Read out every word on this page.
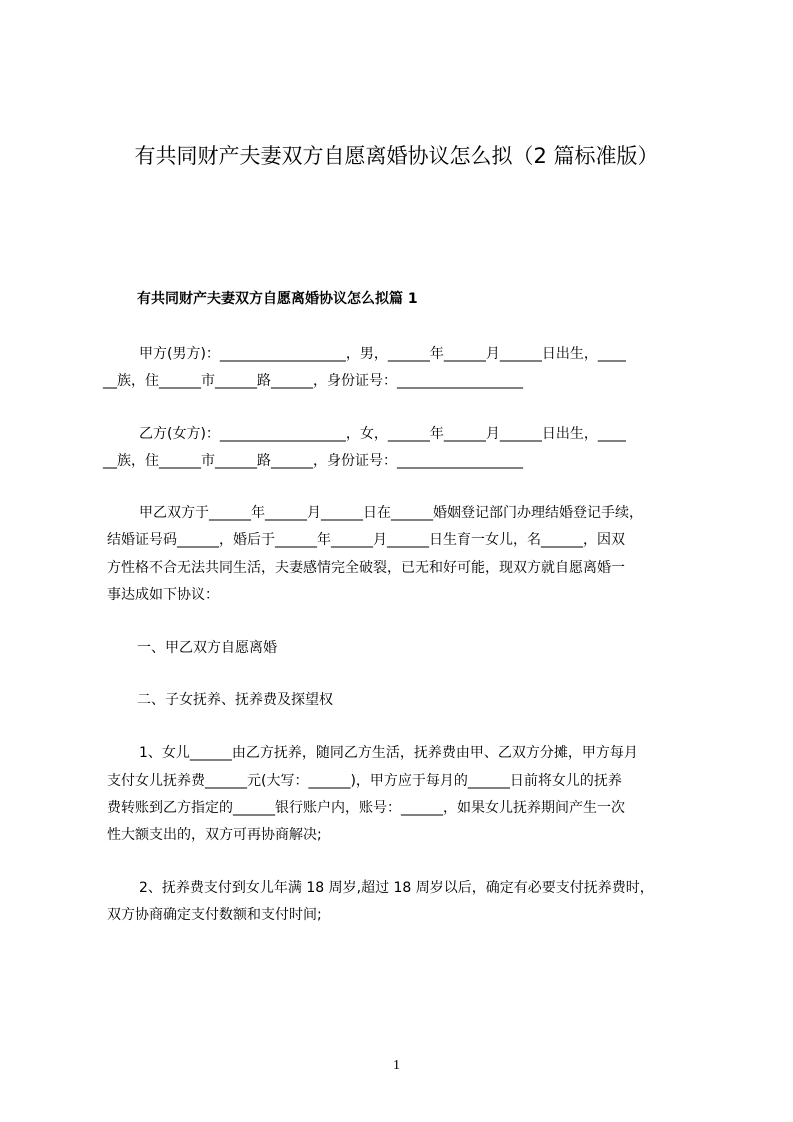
有共同财产夫妻双方自愿离婚协议怎么拟（2 篇标准版）
有共同财产夫妻双方自愿离婚协议怎么拟篇 1
甲方(男方)：__________________，男，______年______月______日出生，____
__族，住______市______路______，身份证号：__________________
乙方(女方)：__________________，女，______年______月______日出生，____
__族，住______市______路______，身份证号：__________________
甲乙双方于______年______月______日在______婚姻登记部门办理结婚登记手续，
结婚证号码______，婚后于______年______月______日生育一女儿，名______，因双
方性格不合无法共同生活，夫妻感情完全破裂，已无和好可能，现双方就自愿离婚一
事达成如下协议：
一、甲乙双方自愿离婚
二、子女抚养、抚养费及探望权
1、女儿______由乙方抚养，随同乙方生活，抚养费由甲、乙双方分摊，甲方每月
支付女儿抚养费______元(大写：______)，甲方应于每月的______日前将女儿的抚养
费转账到乙方指定的______银行账户内，账号：______，如果女儿抚养期间产生一次
性大额支出的，双方可再协商解决;
2、抚养费支付到女儿年满 18 周岁,超过 18 周岁以后，确定有必要支付抚养费时，
双方协商确定支付数额和支付时间;
1
